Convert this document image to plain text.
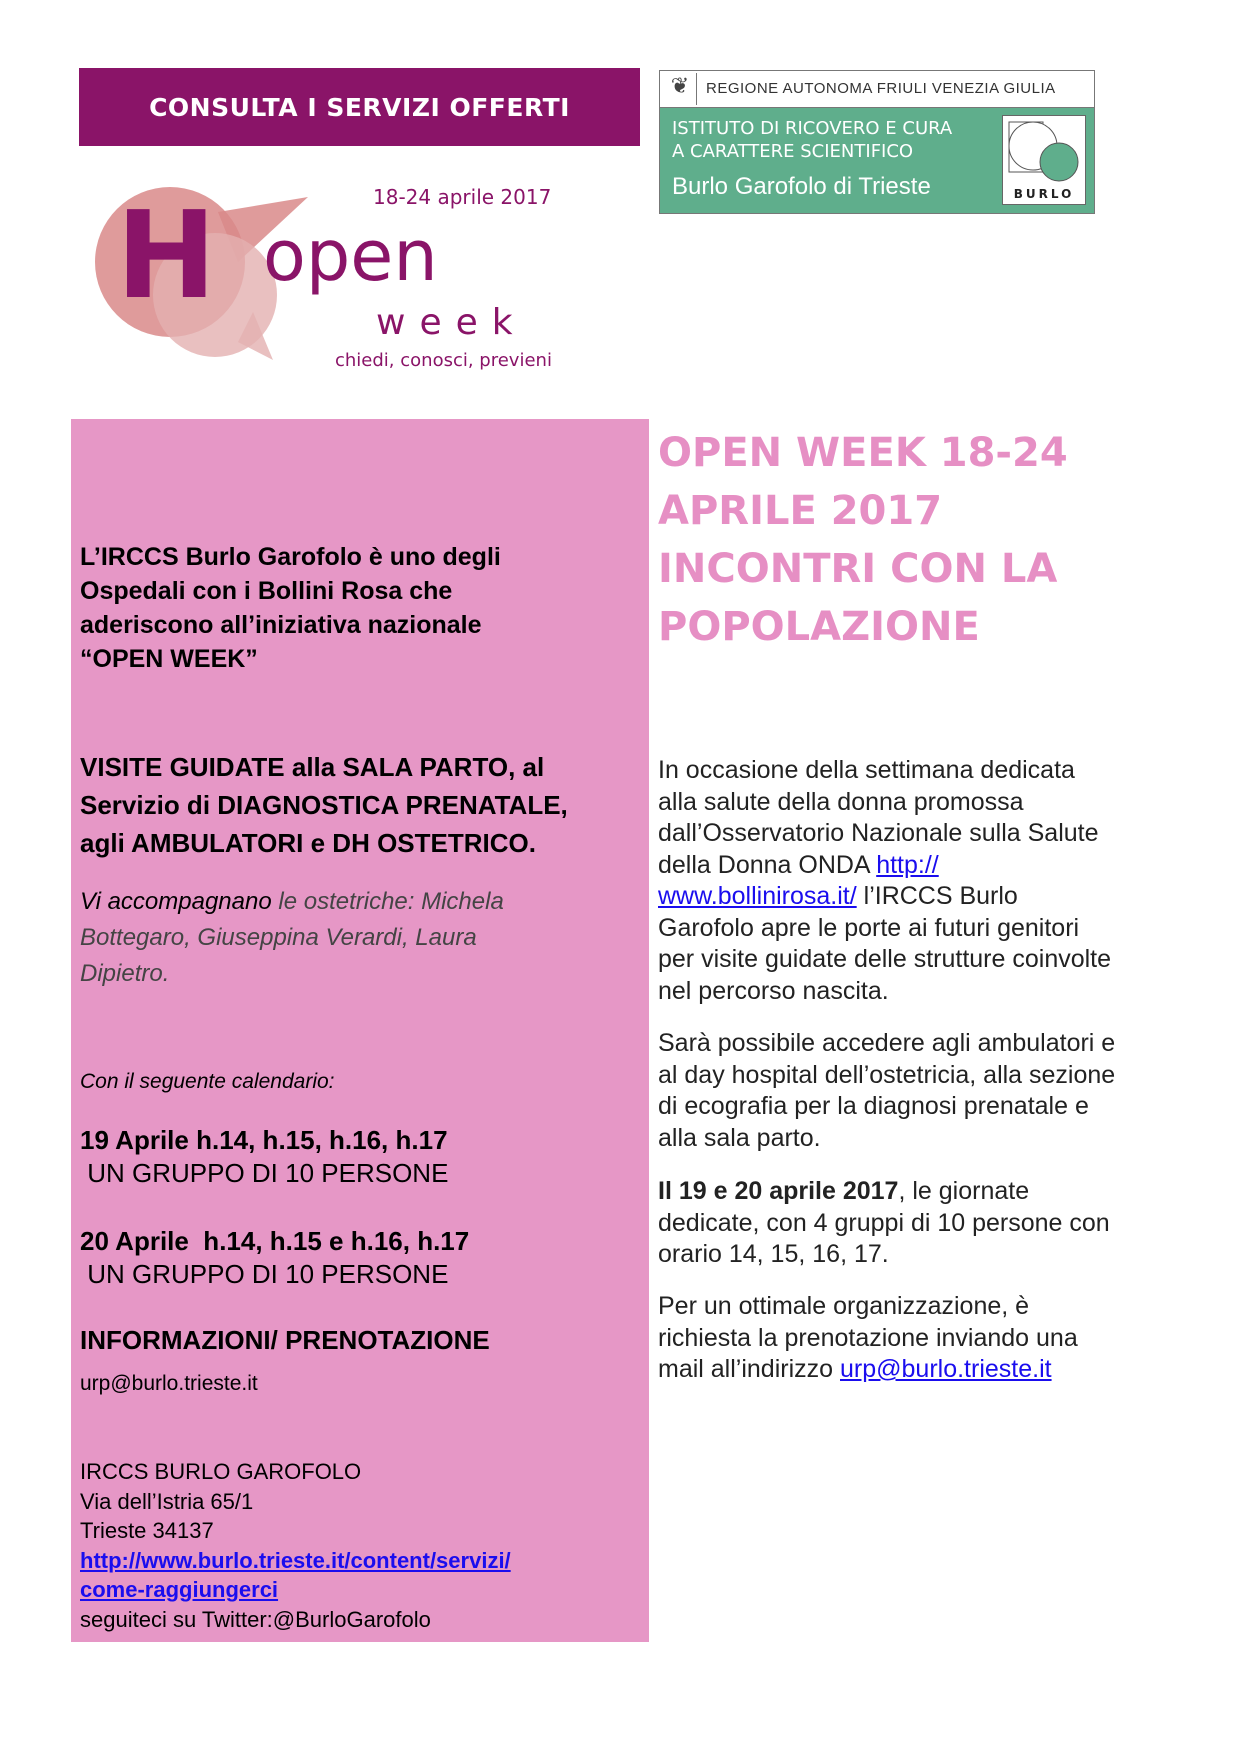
CONSULTA I SERVIZI OFFERTI
❦	REGIONE AUTONOMA FRIULI VENEZIA GIULIA
ISTITUTO DI RICOVERO E CURA
A CARATTERE SCIENTIFICO
Burlo Garofolo di Trieste	BURLO
H	18-24 aprile 2017
open
week
chiedi, conosci, previeni
L’IRCCS Burlo Garofolo è uno degli
Ospedali con i Bollini Rosa che
aderiscono all’iniziativa nazionale
“OPEN WEEK”
VISITE GUIDATE alla SALA PARTO, al
Servizio di DIAGNOSTICA PRENATALE,
agli AMBULATORI e DH OSTETRICO.
Vi accompagnano le ostetriche: Michela
Bottegaro, Giuseppina Verardi, Laura
Dipietro.
Con il seguente calendario:
19 Aprile h.14, h.15, h.16, h.17
UN GRUPPO DI 10 PERSONE
20 Aprile  h.14, h.15 e h.16, h.17
UN GRUPPO DI 10 PERSONE
INFORMAZIONI/ PRENOTAZIONE
urp@burlo.trieste.it
IRCCS BURLO GAROFOLO
Via dell’Istria 65/1
Trieste 34137
http://www.burlo.trieste.it/content/servizi/
come-raggiungerci
seguiteci su Twitter:@BurloGarofolo
OPEN WEEK 18-24
APRILE 2017
INCONTRI CON LA
POPOLAZIONE
In occasione della settimana dedicata
alla salute della donna promossa
dall’Osservatorio Nazionale sulla Salute
della Donna ONDA http://
www.bollinirosa.it/ l’IRCCS Burlo
Garofolo apre le porte ai futuri genitori
per visite guidate delle strutture coinvolte
nel percorso nascita.
Sarà possibile accedere agli ambulatori e
al day hospital dell’ostetricia, alla sezione
di ecografia per la diagnosi prenatale e
alla sala parto.
Il 19 e 20 aprile 2017, le giornate
dedicate, con 4 gruppi di 10 persone con
orario 14, 15, 16, 17.
Per un ottimale organizzazione, è
richiesta la prenotazione inviando una
mail all’indirizzo urp@burlo.trieste.it
